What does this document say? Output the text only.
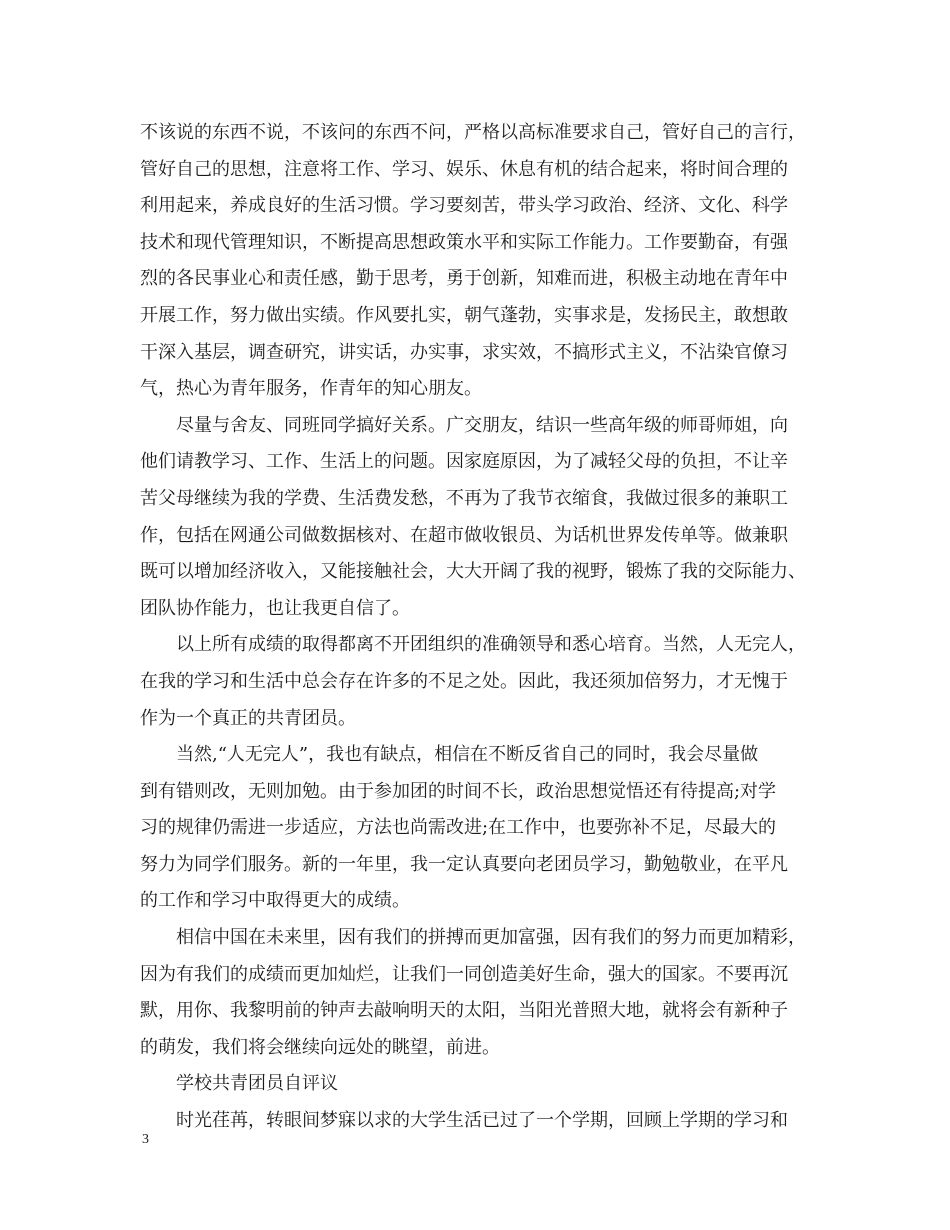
不该说的东西不说，不该问的东西不问，严格以高标准要求自己，管好自己的言行，
管好自己的思想，注意将工作、学习、娱乐、休息有机的结合起来，将时间合理的
利用起来，养成良好的生活习惯。学习要刻苦，带头学习政治、经济、文化、科学
技术和现代管理知识，不断提高思想政策水平和实际工作能力。工作要勤奋，有强
烈的各民事业心和责任感，勤于思考，勇于创新，知难而进，积极主动地在青年中
开展工作，努力做出实绩。作风要扎实，朝气蓬勃，实事求是，发扬民主，敢想敢
干深入基层，调查研究，讲实话，办实事，求实效，不搞形式主义，不沾染官僚习
气，热心为青年服务，作青年的知心朋友。
尽量与舍友、同班同学搞好关系。广交朋友，结识一些高年级的师哥师姐，向
他们请教学习、工作、生活上的问题。因家庭原因，为了减轻父母的负担，不让辛
苦父母继续为我的学费、生活费发愁，不再为了我节衣缩食，我做过很多的兼职工
作，包括在网通公司做数据核对、在超市做收银员、为话机世界发传单等。做兼职
既可以增加经济收入，又能接触社会，大大开阔了我的视野，锻炼了我的交际能力、
团队协作能力，也让我更自信了。
以上所有成绩的取得都离不开团组织的准确领导和悉心培育。当然，人无完人，
在我的学习和生活中总会存在许多的不足之处。因此，我还须加倍努力，才无愧于
作为一个真正的共青团员。
当然,“人无完人”，我也有缺点，相信在不断反省自己的同时，我会尽量做
到有错则改，无则加勉。由于参加团的时间不长，政治思想觉悟还有待提高;对学
习的规律仍需进一步适应，方法也尚需改进;在工作中，也要弥补不足，尽最大的
努力为同学们服务。新的一年里，我一定认真要向老团员学习，勤勉敬业，在平凡
的工作和学习中取得更大的成绩。
相信中国在未来里，因有我们的拼搏而更加富强，因有我们的努力而更加精彩，
因为有我们的成绩而更加灿烂，让我们一同创造美好生命，强大的国家。不要再沉
默，用你、我黎明前的钟声去敲响明天的太阳，当阳光普照大地，就将会有新种子
的萌发，我们将会继续向远处的眺望，前进。
学校共青团员自评议
时光荏苒，转眼间梦寐以求的大学生活已过了一个学期，回顾上学期的学习和
3
